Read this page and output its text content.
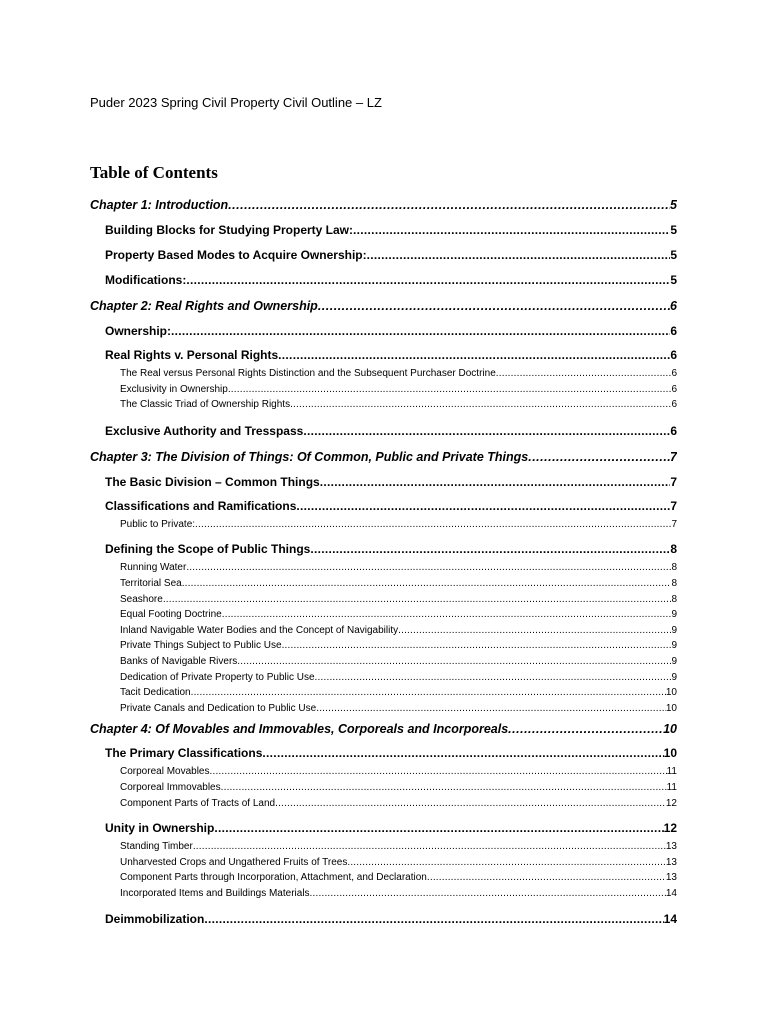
Puder 2023 Spring Civil Property Civil Outline – LZ
Table of Contents
Chapter 1: Introduction .....	5
Building Blocks for Studying Property Law: .....	5
Property Based Modes to Acquire Ownership: .....	5
Modifications: .....	5
Chapter 2: Real Rights and Ownership .....	6
Ownership: .....	6
Real Rights v. Personal Rights .....	6
The Real versus Personal Rights Distinction and the Subsequent Purchaser Doctrine .....	6
Exclusivity in Ownership .....	6
The Classic Triad of Ownership Rights .....	6
Exclusive Authority and Tresspass .....	6
Chapter 3: The Division of Things: Of Common, Public and Private Things .....	7
The Basic Division – Common Things .....	7
Classifications and Ramifications .....	7
Public to Private: .....	7
Defining the Scope of Public Things .....	8
Running Water .....	8
Territorial Sea .....	8
Seashore .....	8
Equal Footing Doctrine .....	9
Inland Navigable Water Bodies and the Concept of Navigability .....	9
Private Things Subject to Public Use .....	9
Banks of Navigable Rivers .....	9
Dedication of Private Property to Public Use .....	9
Tacit Dedication .....	10
Private Canals and Dedication to Public Use .....	10
Chapter 4: Of Movables and Immovables, Corporeals and Incorporeals .....	10
The Primary Classifications .....	10
Corporeal Movables .....	11
Corporeal Immovables .....	11
Component Parts of Tracts of Land .....	12
Unity in Ownership .....	12
Standing Timber .....	13
Unharvested Crops and Ungathered Fruits of Trees .....	13
Component Parts through Incorporation, Attachment, and Declaration .....	13
Incorporated Items and Buildings Materials .....	14
Deimmobilization .....	14
